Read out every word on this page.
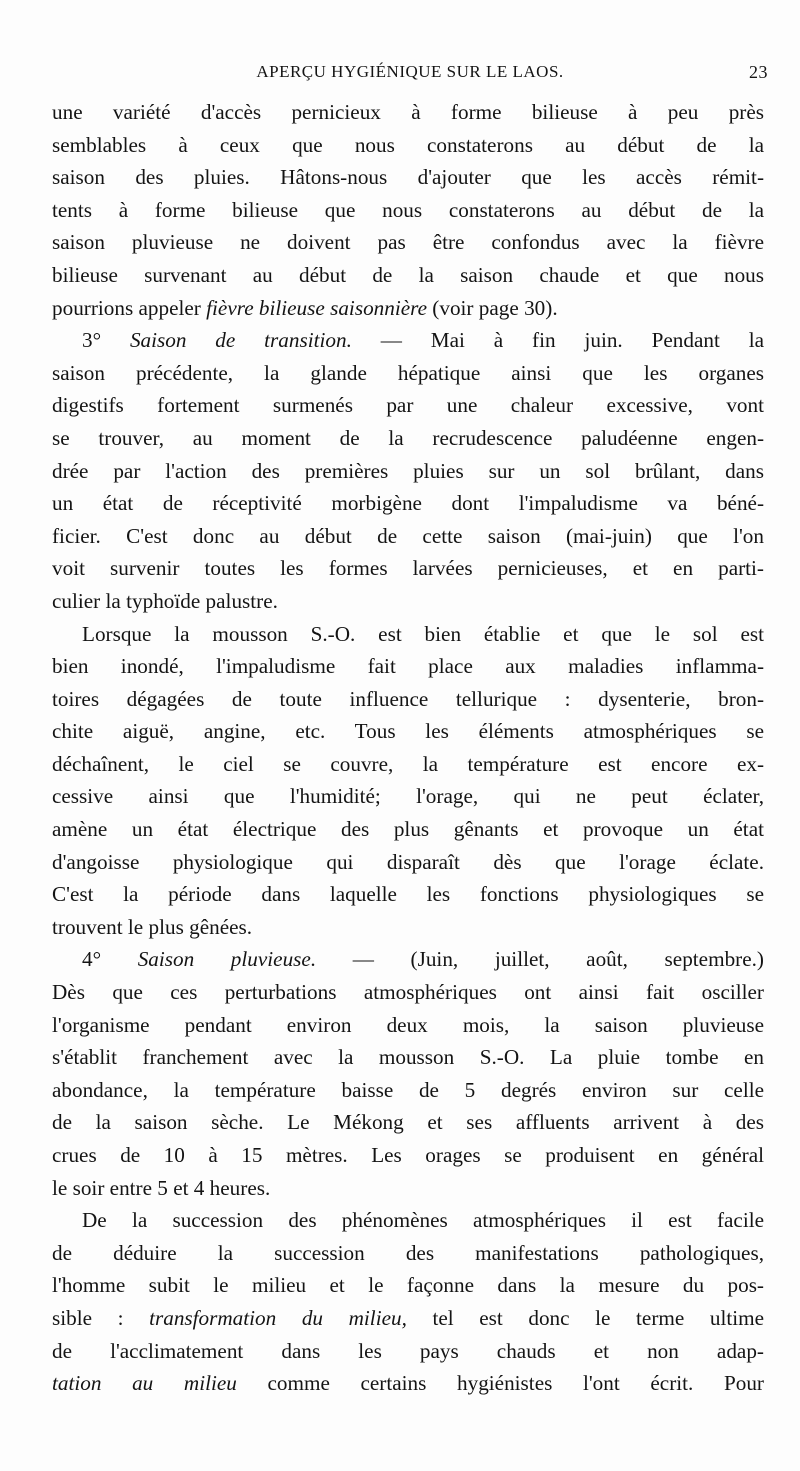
APERÇU HYGIÉNIQUE SUR LE LAOS.	23
une variété d'accès pernicieux à forme bilieuse à peu près
semblables à ceux que nous constaterons au début de la
saison des pluies. Hâtons-nous d'ajouter que les accès rémit-
tents à forme bilieuse que nous constaterons au début de la
saison pluvieuse ne doivent pas être confondus avec la fièvre
bilieuse survenant au début de la saison chaude et que nous
pourrions appeler fièvre bilieuse saisonnière (voir page 30).
3° Saison de transition. — Mai à fin juin. Pendant la
saison précédente, la glande hépatique ainsi que les organes
digestifs fortement surmenés par une chaleur excessive, vont
se trouver, au moment de la recrudescence paludéenne engen-
drée par l'action des premières pluies sur un sol brûlant, dans
un état de réceptivité morbigène dont l'impaludisme va béné-
ficier. C'est donc au début de cette saison (mai-juin) que l'on
voit survenir toutes les formes larvées pernicieuses, et en parti-
culier la typhoïde palustre.
Lorsque la mousson S.-O. est bien établie et que le sol est
bien inondé, l'impaludisme fait place aux maladies inflamma-
toires dégagées de toute influence tellurique : dysenterie, bron-
chite aiguë, angine, etc. Tous les éléments atmosphériques se
déchaînent, le ciel se couvre, la température est encore ex-
cessive ainsi que l'humidité; l'orage, qui ne peut éclater,
amène un état électrique des plus gênants et provoque un état
d'angoisse physiologique qui disparaît dès que l'orage éclate.
C'est la période dans laquelle les fonctions physiologiques se
trouvent le plus gênées.
4° Saison pluvieuse. — (Juin, juillet, août, septembre.)
Dès que ces perturbations atmosphériques ont ainsi fait osciller
l'organisme pendant environ deux mois, la saison pluvieuse
s'établit franchement avec la mousson S.-O. La pluie tombe en
abondance, la température baisse de 5 degrés environ sur celle
de la saison sèche. Le Mékong et ses affluents arrivent à des
crues de 10 à 15 mètres. Les orages se produisent en général
le soir entre 5 et 4 heures.
De la succession des phénomènes atmosphériques il est facile
de déduire la succession des manifestations pathologiques,
l'homme subit le milieu et le façonne dans la mesure du pos-
sible : transformation du milieu, tel est donc le terme ultime
de l'acclimatement dans les pays chauds et non adap-
tation au milieu comme certains hygiénistes l'ont écrit. Pour
